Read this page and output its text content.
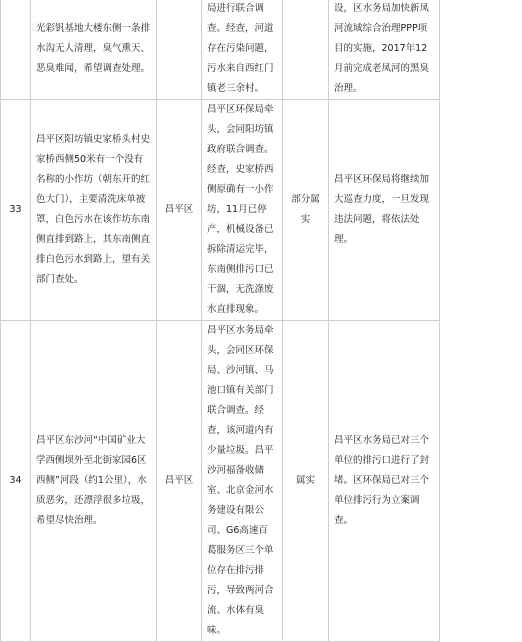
	光彩钒基地大楼东侧一条排水沟无人清理，臭气熏天、恶臭难闻，希望调查处理。		局进行联合调查。经查，河道存在污染问题，污水来自西红门镇老三余村。		设，区水务局加快新凤河流域综合治理PPP项目的实施，2017年12月前完成老凤河的黑臭治理。
33	昌平区阳坊镇史家桥头村史家桥西侧50米有一个没有名称的小作坊（朝东开的红色大门），主要清洗床单被罩，白色污水在该作坊东南侧直排到路上，其东南侧直排白色污水到路上，望有关部门查处。	昌平区	昌平区环保局牵头，会同阳坊镇政府联合调查。经查，史家桥西侧原确有一小作坊，11月已停产，机械设备已拆除清运完毕，东南侧排污口已干涸，无洗涤废水直排现象。	部分属实	昌平区环保局将继续加大巡查力度，一旦发现违法问题，将依法处理。
34	昌平区东沙河“中国矿业大学西侧坝外至北街家园6区西侧”河段（约1公里），水质恶劣，还漂浮很多垃圾，希望尽快治理。	昌平区	昌平区水务局牵头，会同区环保局、沙河镇、马池口镇有关部门联合调查。经查，该河道内有少量垃圾。昌平沙河福备收储室、北京金河水务建设有限公司、G6高速百葛服务区三个单位存在排污排污，导致两河合流、水体有臭味。	属实	昌平区水务局已对三个单位的排污口进行了封堵。区环保局已对三个单位排污行为立案调查。
